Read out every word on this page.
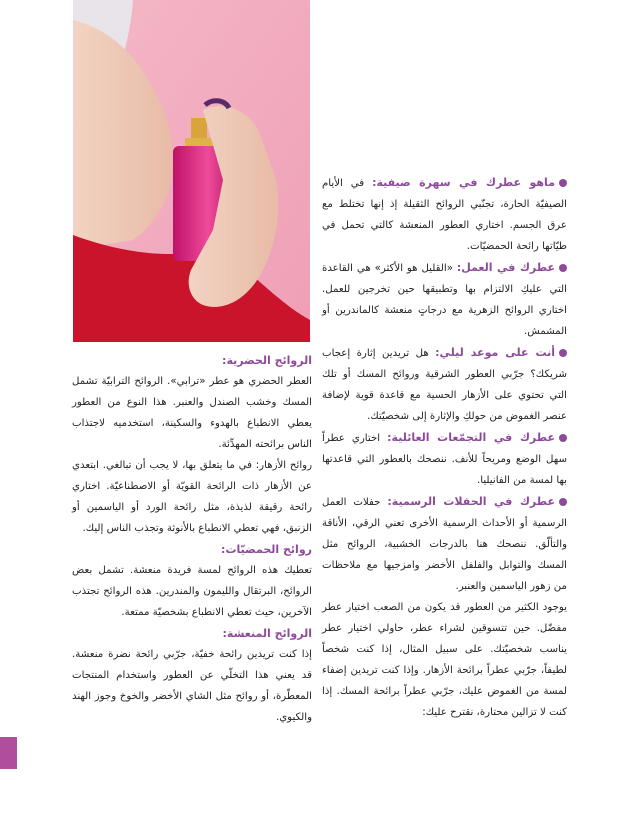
ماهو عطرك في سهرة صيفية: في الأيام الصيفيّة الحارة، تجنّبي الروائح الثقيلة إذ إنها تختلط مع عرق الجسم. اختاري العطور المنعشة كالتي تحمل في طيّاتها رائحة الحمضيّات.

عطرك في العمل: «القليل هو الأكثر» هي القاعدة التي عليكِ الالتزام بها وتطبيقها حين تخرجين للعمل. اختاري الروائح الزهرية مع درجاتٍ منعشة كالماندرين أو المشمش.

أنت على موعد ليلي: هل تريدين إثارة إعجاب شريكك؟ جرّبي العطور الشرقية وروائح المسك أو تلك التي تحتوي على الأزهار الحسية مع قاعدة قوية لإضافة عنصر الغموض من حولكِ والإثارة إلى شخصيّتك.

عطرك في التجمّعات العائلية: اختاري عطراً سهل الوضع ومريحاً للأنف. ننصحك بالعطور التي قاعدتها بها لمسة من الفانيليا.

عطرك في الحفلات الرسمية: حفلات العمل الرسمية أو الأحداث الرسمية الأخرى تعني الرقي، الأناقة والتألّق. ننصحك هنا بالدرجات الخشبية، الروائح مثل المسك والتوابل والفلفل الأخضر وامزجيها مع ملاحظات من زهور الياسمين والعنبر.

يوجود الكثير من العطور قد يكون من الصعب اختيار عطر مفضّل. حين تتسوقين لشراء عطر، حاولي اختيار عطر يناسب شخصيّتك. على سبيل المثال، إذا كنت شخصاً لطيفاً، جرّبي عطراً برائحة الأزهار. وإذا كنت تريدين إضفاء لمسة من الغموض عليك، جرّبي عطراً برائحة المسك. إذا كنت لا تزالين محتارة، نقترح عليك:

الروائح الحضرية:
العطر الحضري هو عطر «ترابي». الروائح الترابيّة تشمل المسك وخشب الصندل والعنبر. هذا النوع من العطور يعطي الانطباع بالهدوء والسكينة، استخدميه لاجتذاب الناس برائحته المهدِّئة.

روائح الأزهار: في ما يتعلق بها، لا يجب أن تبالغي. ابتعدي عن الأزهار ذات الرائحة القويّة أو الاصطناعيّة. اختاري رائحة رقيقة لذيذة، مثل رائحة الورد أو الياسمين أو الزنبق، فهي تعطي الانطباع بالأنوثة وتجذب الناس إليك.

روائح الحمضيّات:
تعطيك هذه الروائح لمسة فريدة منعشة. تشمل بعض الروائح، البرتقال والليمون والمندرين. هذه الروائح تجتذب الآخرين، حيث تعطي الانطباع بشخصيّة ممتعة.

الروائح المنعشة:
إذا كنت تريدين رائحة خفيّة، جرّبي رائحة نضرة منعشة. قد يعني هذا التخلّي عن العطور واستخدام المنتجات المعطّرة، أو روائح مثل الشاي الأخضر والخوخ وجوز الهند والكيوي.
